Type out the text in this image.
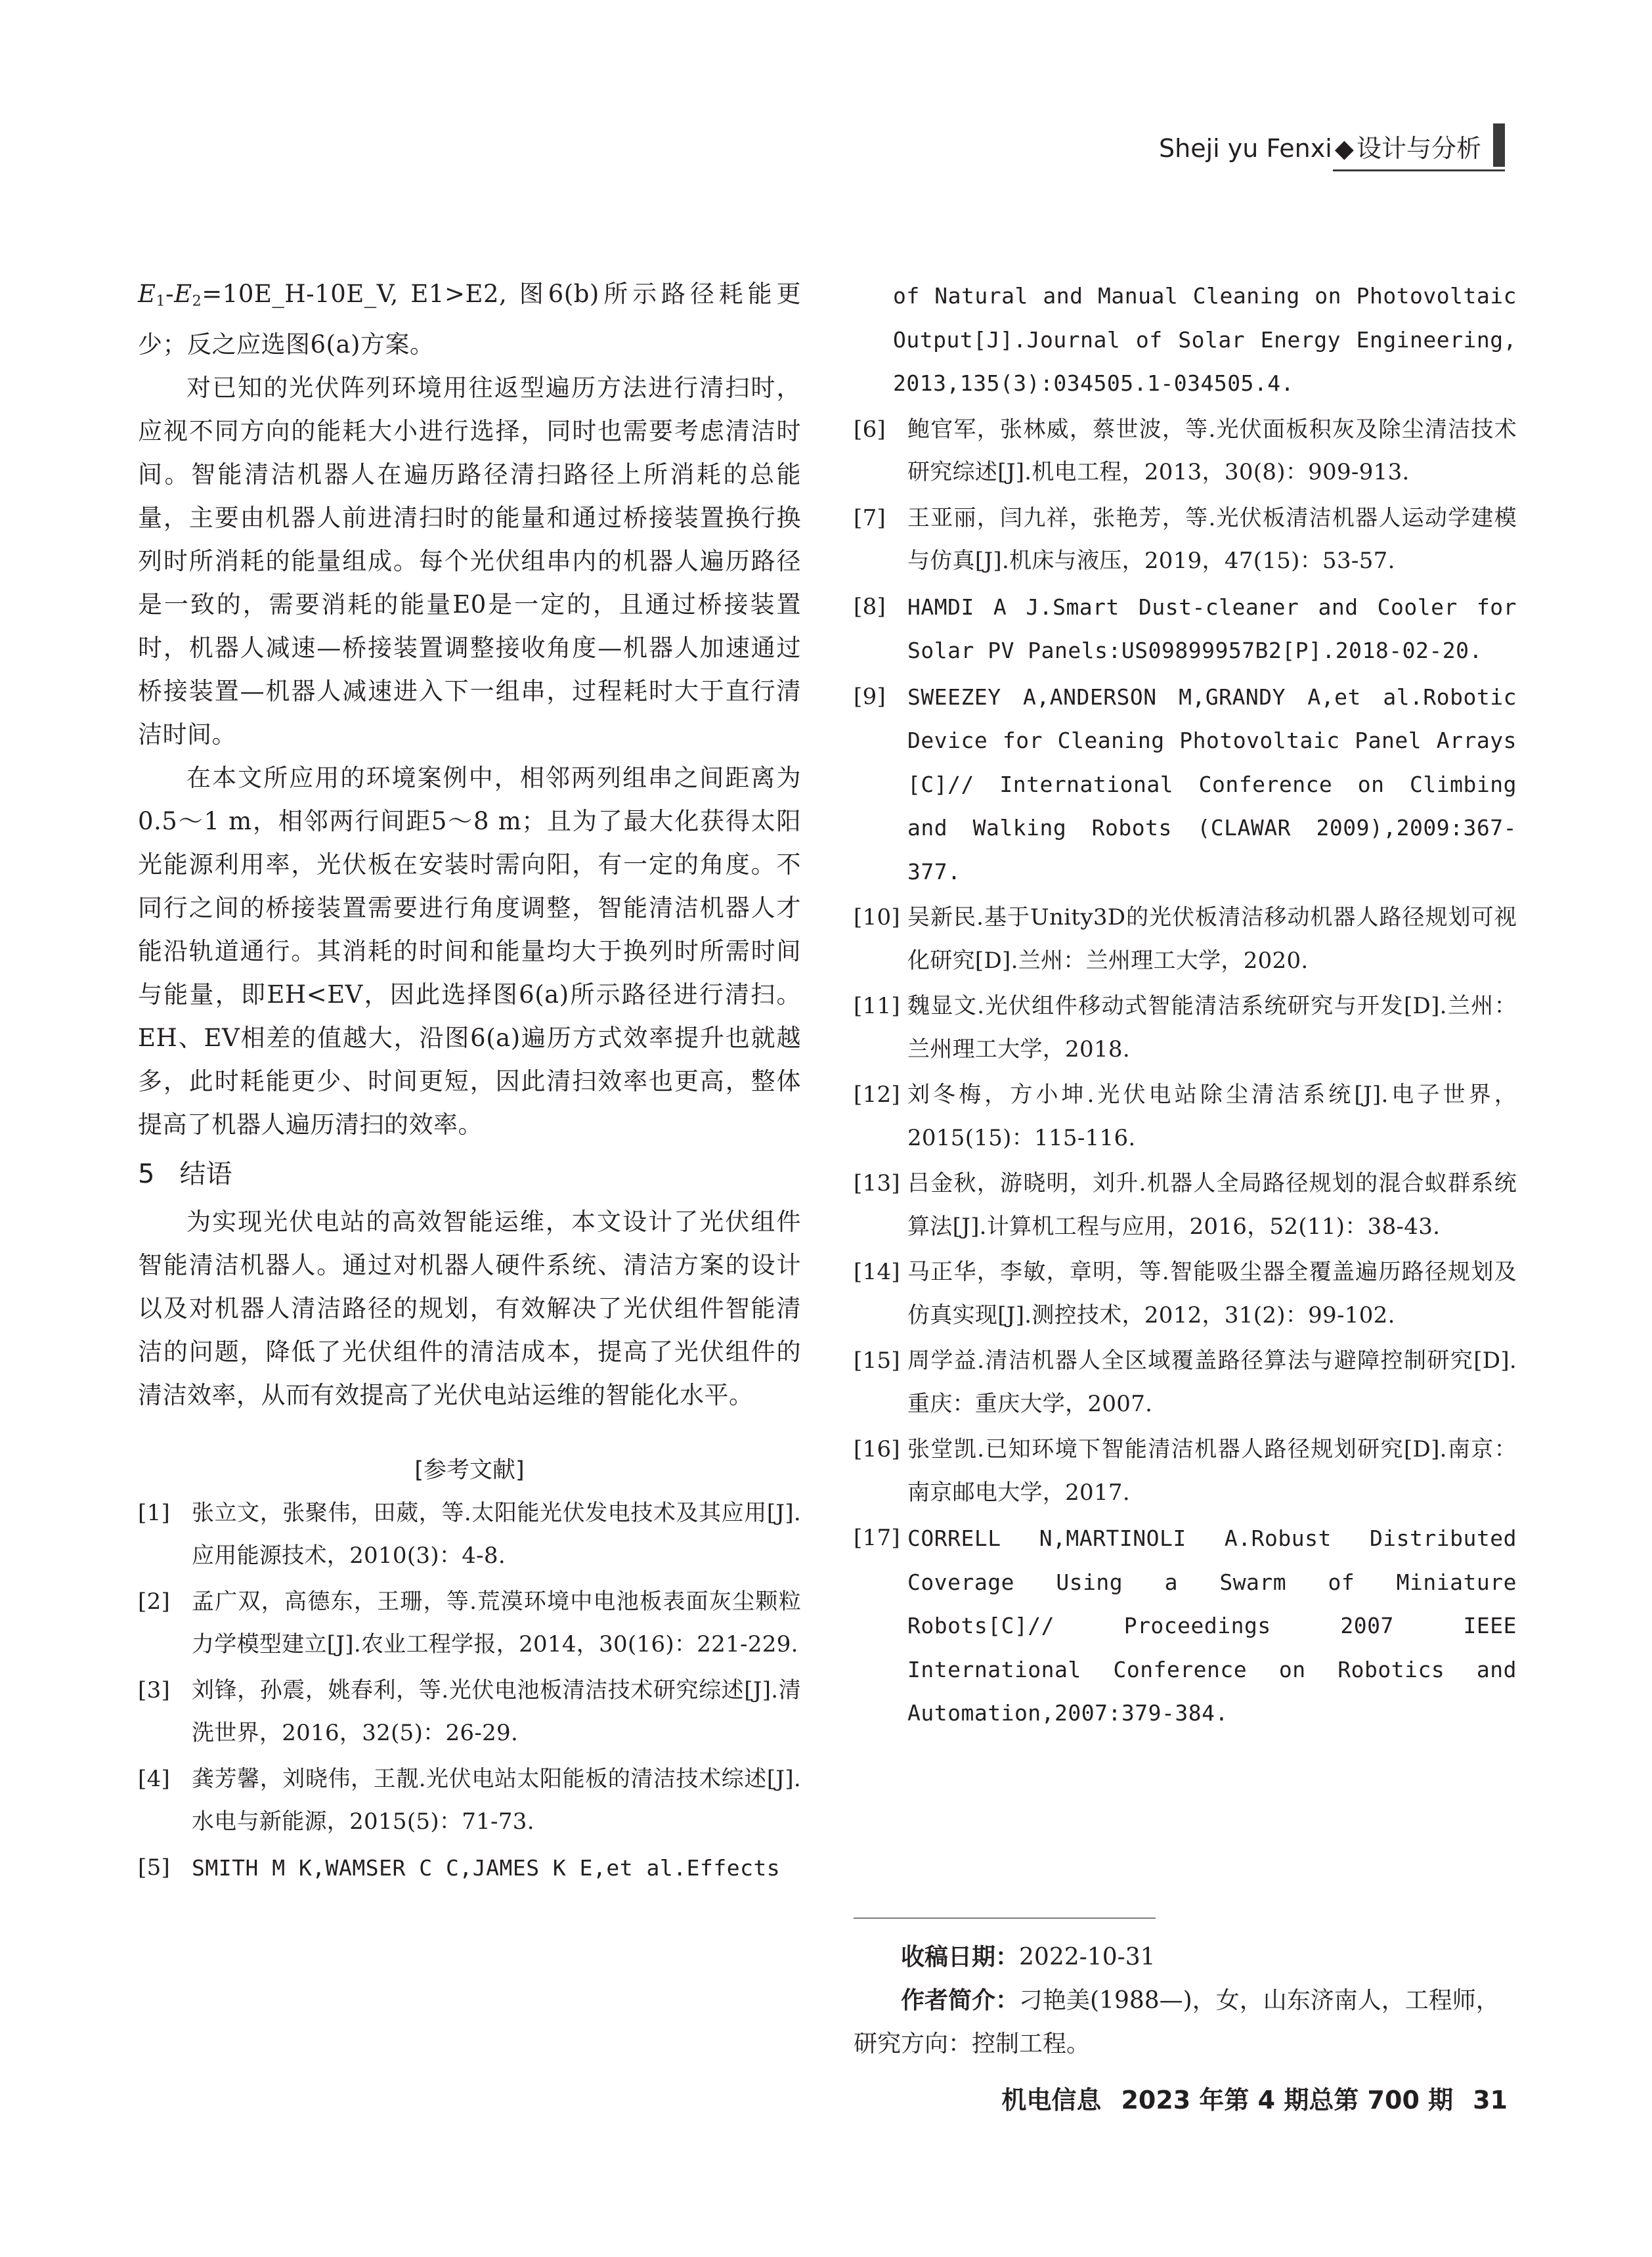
Sheji yu Fenxi ◆ 设计与分析

$E_1-E_2=10E\_H-10E\_V$, E1>E2, 图6(b)所示路径耗能更少；反之应选图6(a)方案。

对已知的光伏阵列环境用往返型遍历方法进行清扫时，应视不同方向的能耗大小进行选择，同时也需要考虑清洁时间。智能清洁机器人在遍历路径清扫路径上所消耗的总能量，主要由机器人前进清扫时的能量和通过桥接装置换行换列时所消耗的能量组成。每个光伏组串内的机器人遍历路径是一致的，需要消耗的能量E0是一定的，且通过桥接装置时，机器人减速—桥接装置调整接收角度—机器人加速通过桥接装置—机器人减速进入下一组串，过程耗时大于直行清洁时间。

在本文所应用的环境案例中，相邻两列组串之间距离为0.5～1 m，相邻两行间距5～8 m；且为了最大化获得太阳光能源利用率，光伏板在安装时需向阳，有一定的角度。不同行之间的桥接装置需要进行角度调整，智能清洁机器人才能沿轨道通行。其消耗的时间和能量均大于换列时所需时间与能量，即EH<EV，因此选择图6(a)所示路径进行清扫。EH、EV相差的值越大，沿图6(a)遍历方式效率提升也就越多，此时耗能更少、时间更短，因此清扫效率也更高，整体提高了机器人遍历清扫的效率。

5 结语

为实现光伏电站的高效智能运维，本文设计了光伏组件智能清洁机器人。通过对机器人硬件系统、清洁方案的设计以及对机器人清洁路径的规划，有效解决了光伏组件智能清洁的问题，降低了光伏组件的清洁成本，提高了光伏组件的清洁效率，从而有效提高了光伏电站运维的智能化水平。

[参考文献]

[1] 张立文，张聚伟，田葳，等.太阳能光伏发电技术及其应用[J].应用能源技术，2010(3)：4-8.

[2] 孟广双，高德东，王珊，等.荒漠环境中电池板表面灰尘颗粒力学模型建立[J].农业工程学报，2014，30(16)：221-229.

[3] 刘锋，孙震，姚春利，等.光伏电池板清洁技术研究综述[J].清洗世界，2016，32(5)：26-29.

[4] 龚芳馨，刘晓伟，王靓.光伏电站太阳能板的清洁技术综述[J].水电与新能源，2015(5)：71-73.

[5] SMITH M K,WAMSER C C,JAMES K E,et al.Effects

of Natural and Manual Cleaning on Photovoltaic Output[J].Journal of Solar Energy Engineering, 2013,135(3):034505.1-034505.4.

[6] 鲍官军，张林威，蔡世波，等.光伏面板积灰及除尘清洁技术研究综述[J].机电工程，2013，30(8)：909-913.

[7] 王亚丽，闫九祥，张艳芳，等.光伏板清洁机器人运动学建模与仿真[J].机床与液压，2019，47(15)：53-57.

[8] HAMDI A J.Smart Dust-cleaner and Cooler for Solar PV Panels:US09899957B2[P].2018-02-20.

[9] SWEEZEY A,ANDERSON M,GRANDY A,et al.Robotic Device for Cleaning Photovoltaic Panel Arrays [C]// International Conference on Climbing and Walking Robots (CLAWAR 2009),2009:367-377.

[10] 吴新民.基于Unity3D的光伏板清洁移动机器人路径规划可视化研究[D].兰州：兰州理工大学，2020.

[11] 魏显文.光伏组件移动式智能清洁系统研究与开发[D].兰州：兰州理工大学，2018.

[12] 刘冬梅，方小坤.光伏电站除尘清洁系统[J].电子世界，2015(15)：115-116.

[13] 吕金秋，游晓明，刘升.机器人全局路径规划的混合蚁群系统算法[J].计算机工程与应用，2016，52(11)：38-43.

[14] 马正华，李敏，章明，等.智能吸尘器全覆盖遍历路径规划及仿真实现[J].测控技术，2012，31(2)：99-102.

[15] 周学益.清洁机器人全区域覆盖路径算法与避障控制研究[D].重庆：重庆大学，2007.

[16] 张堂凯.已知环境下智能清洁机器人路径规划研究[D].南京：南京邮电大学，2017.

[17] CORRELL N,MARTINOLI A.Robust Distributed Coverage Using a Swarm of Miniature Robots[C]// Proceedings 2007 IEEE International Conference on Robotics and Automation,2007:379-384.

收稿日期：2022-10-31

作者简介：刁艳美(1988—)，女，山东济南人，工程师，研究方向：控制工程。

机电信息 2023 年第 4 期总第 700 期 31
